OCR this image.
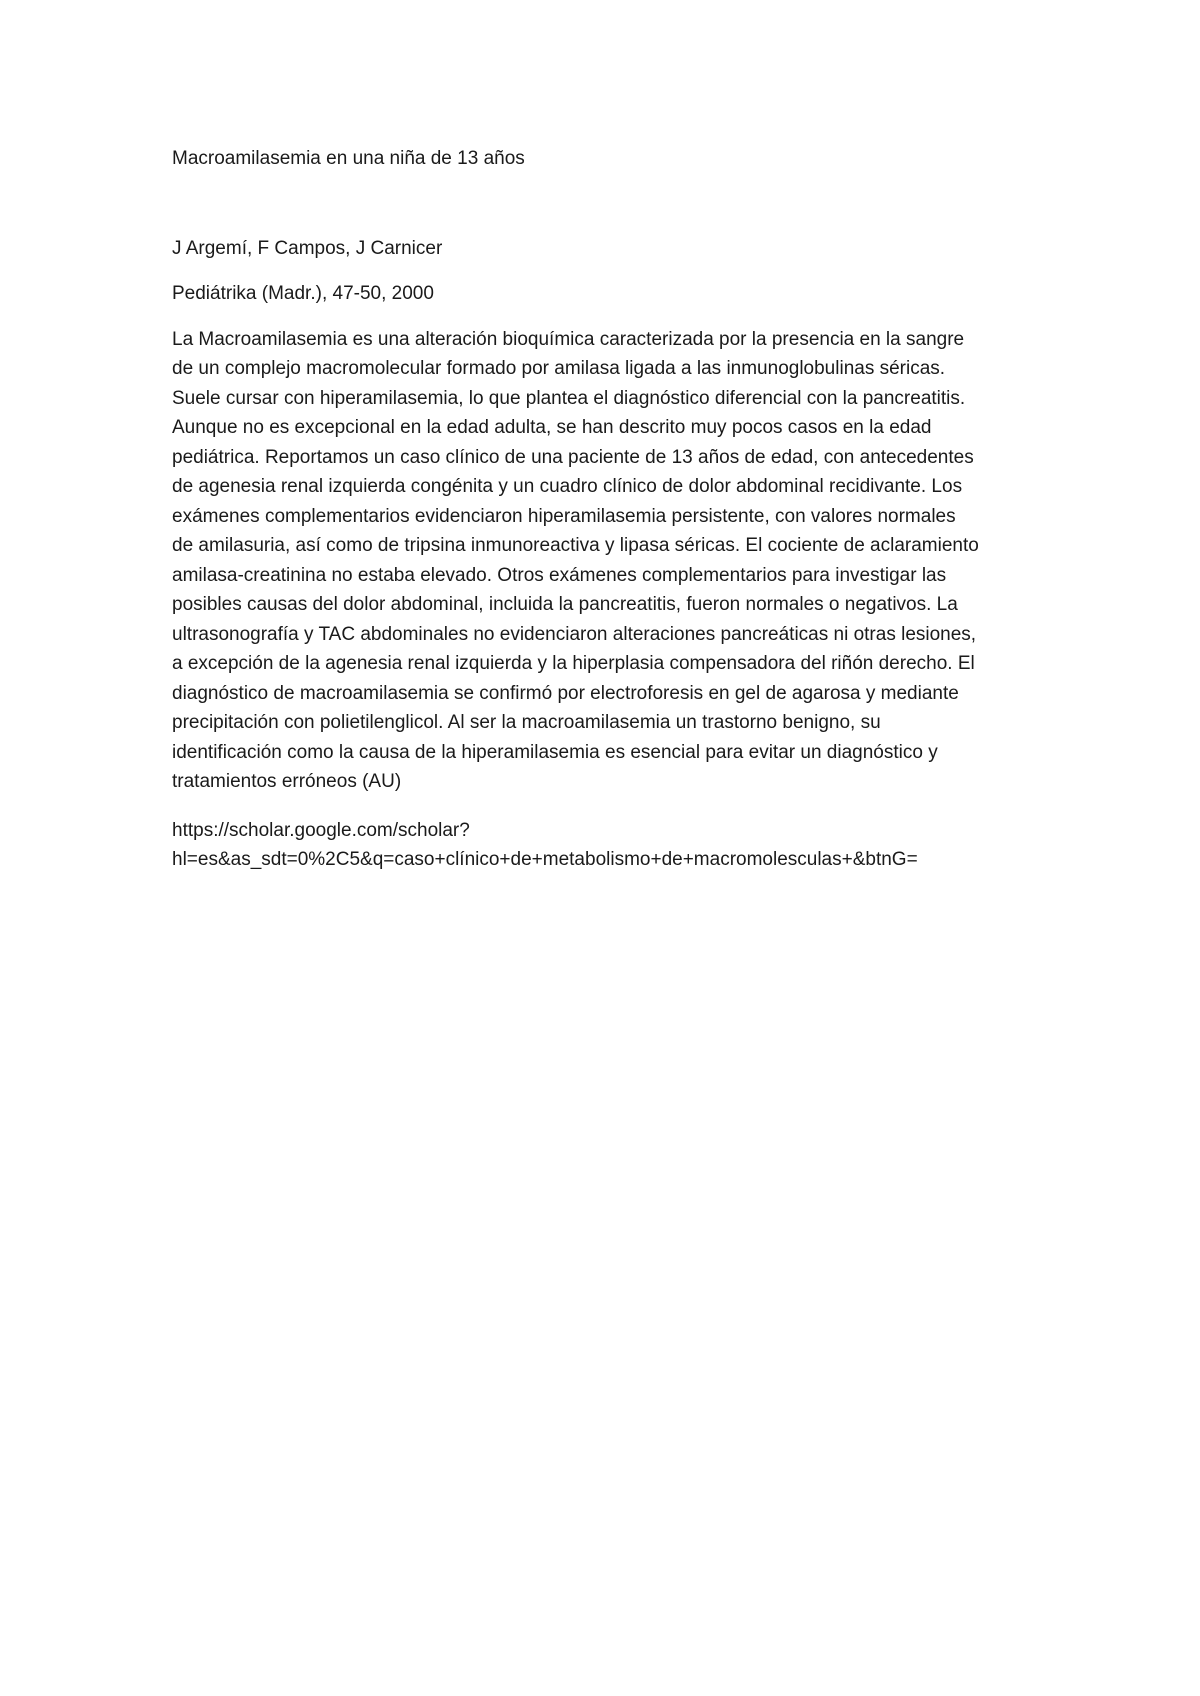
Macroamilasemia en una niña de 13 años

J Argemí, F Campos, J Carnicer

Pediátrika (Madr.), 47-50, 2000

La Macroamilasemia es una alteración bioquímica caracterizada por la presencia en la sangre
de un complejo macromolecular formado por amilasa ligada a las inmunoglobulinas séricas.
Suele cursar con hiperamilasemia, lo que plantea el diagnóstico diferencial con la pancreatitis.
Aunque no es excepcional en la edad adulta, se han descrito muy pocos casos en la edad
pediátrica. Reportamos un caso clínico de una paciente de 13 años de edad, con antecedentes
de agenesia renal izquierda congénita y un cuadro clínico de dolor abdominal recidivante. Los
exámenes complementarios evidenciaron hiperamilasemia persistente, con valores normales
de amilasuria, así como de tripsina inmunoreactiva y lipasa séricas. El cociente de aclaramiento
amilasa-creatinina no estaba elevado. Otros exámenes complementarios para investigar las
posibles causas del dolor abdominal, incluida la pancreatitis, fueron normales o negativos. La
ultrasonografía y TAC abdominales no evidenciaron alteraciones pancreáticas ni otras lesiones,
a excepción de la agenesia renal izquierda y la hiperplasia compensadora del riñón derecho. El
diagnóstico de macroamilasemia se confirmó por electroforesis en gel de agarosa y mediante
precipitación con polietilenglicol. Al ser la macroamilasemia un trastorno benigno, su
identificación como la causa de la hiperamilasemia es esencial para evitar un diagnóstico y
tratamientos erróneos (AU)

https://scholar.google.com/scholar?
hl=es&as_sdt=0%2C5&q=caso+clínico+de+metabolismo+de+macromolesculas+&btnG=
